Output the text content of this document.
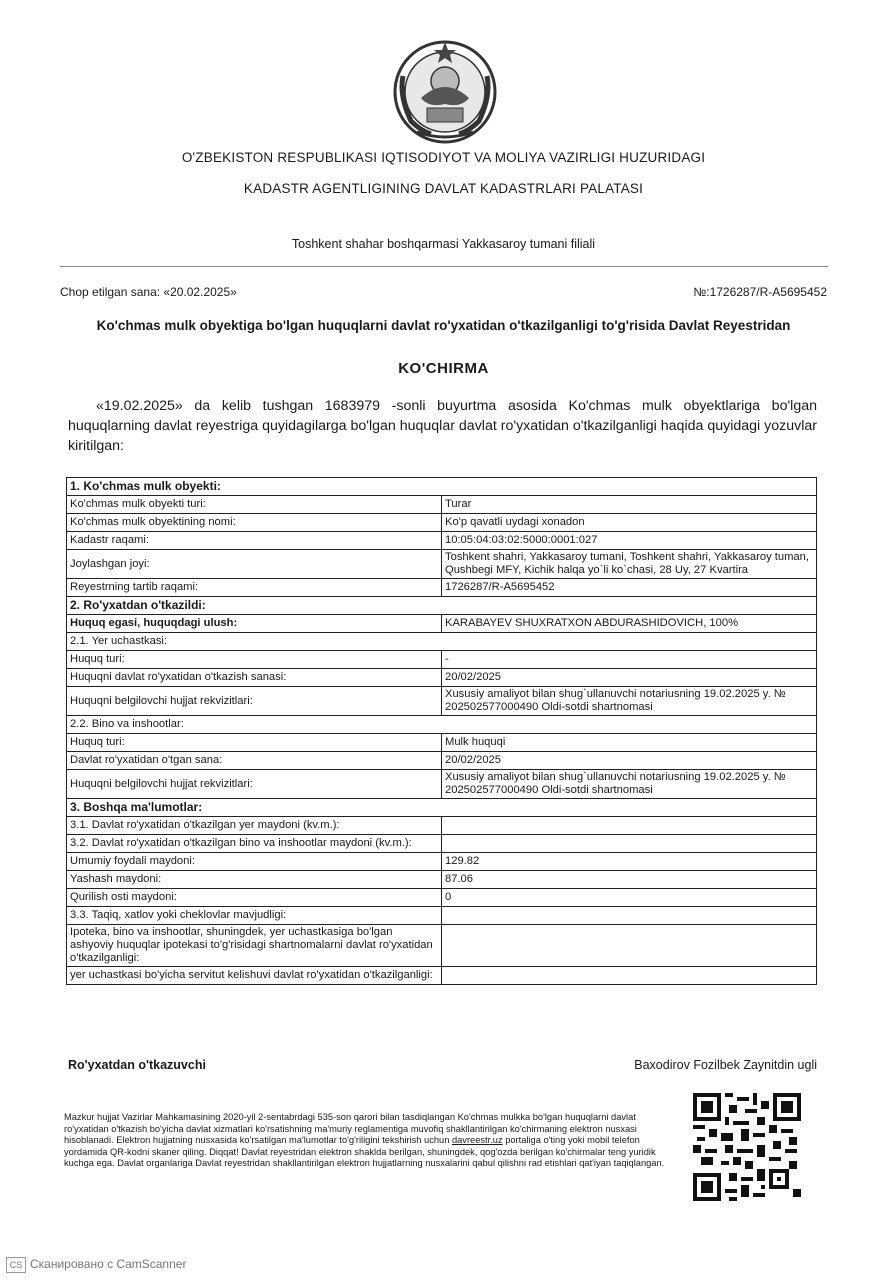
O'ZBEKISTON RESPUBLIKASI IQTISODIYOT VA MOLIYA VAZIRLIGI HUZURIDAGI
KADASTR AGENTLIGINING DAVLAT KADASTRLARI PALATASI
Toshkent shahar boshqarmasi Yakkasaroy tumani filiali
Chop etilgan sana: «20.02.2025»	№:1726287/R-A5695452
Ko'chmas mulk obyektiga bo'lgan huquqlarni davlat ro'yxatidan o'tkazilganligi to'g'risida Davlat Reyestridan
KO'CHIRMA
«19.02.2025» da kelib tushgan 1683979 -sonli buyurtma asosida Ko'chmas mulk obyektlariga bo'lgan huquqlarning davlat reyestriga quyidagilarga bo'lgan huquqlar davlat ro'yxatidan o'tkazilganligi haqida quyidagi yozuvlar kiritilgan:
1. Ko'chmas mulk obyekti:	
Ko'chmas mulk obyekti turi:	Turar
Ko'chmas mulk obyektining nomi:	Ko'p qavatli uydagi xonadon
Kadastr raqami:	10:05:04:03:02:5000:0001:027
Joylashgan joyi:	Toshkent shahri, Yakkasaroy tumani, Toshkent shahri, Yakkasaroy tuman, Qushbegi MFY, Kichik halqa yo`li ko`chasi, 28 Uy, 27 Kvartira
Reyestrning tartib raqami:	1726287/R-A5695452
2. Ro'yxatdan o'tkazildi:	
Huquq egasi, huquqdagi ulush:	KARABAYEV SHUXRATXON ABDURASHIDOVICH, 100%
2.1. Yer uchastkasi:	
Huquq turi:	-
Huquqni davlat ro'yxatidan o'tkazish sanasi:	20/02/2025
Huquqni belgilovchi hujjat rekvizitlari:	Xususiy amaliyot bilan shug`ullanuvchi notariusning 19.02.2025 y. № 202502577000490 Oldi-sotdi shartnomasi
2.2. Bino va inshootlar:	
Huquq turi:	Mulk huquqi
Davlat ro'yxatidan o'tgan sana:	20/02/2025
Huquqni belgilovchi hujjat rekvizitlari:	Xususiy amaliyot bilan shug`ullanuvchi notariusning 19.02.2025 y. № 202502577000490 Oldi-sotdi shartnomasi
3. Boshqa ma'lumotlar:	
3.1. Davlat ro'yxatidan o'tkazilgan yer maydoni (kv.m.):	
3.2. Davlat ro'yxatidan o'tkazilgan bino va inshootlar maydoni (kv.m.):	
Umumiy foydali maydoni:	129.82
Yashash maydoni:	87.06
Qurilish osti maydoni:	0
3.3. Taqiq, xatlov yoki cheklovlar mavjudligi:	
Ipoteka, bino va inshootlar, shuningdek, yer uchastkasiga bo'lgan ashyoviy huquqlar ipotekasi to'g'risidagi shartnomalarni davlat ro'yxatidan o'tkazilganligi:	
yer uchastkasi bo'yicha servitut kelishuvi davlat ro'yxatidan o'tkazilganligi:	
Ro'yxatdan o'tkazuvchi	Baxodirov Fozilbek Zaynitdin ugli
Mazkur hujjat Vazirlar Mahkamasining 2020-yil 2-sentabrdagi 535-son qarori bilan tasdiqlangan Ko'chmas mulkka bo'lgan huquqlarni davlat ro'yxatidan o'tkazish bo'yicha davlat xizmatlari ko'rsatishning ma'muriy reglamentiga muvofiq shakllantirilgan ko'chirmaning elektron nusxasi hisoblanadi. Elektron hujjatning nusxasida ko'rsatilgan ma'lumotlar to'g'riligini tekshirish uchun davreestr.uz portaliga o'ting yoki mobil telefon yordamida QR-kodni skaner qiling. Diqqat! Davlat reyestridan elektron shaklda berilgan, shuningdek, qog'ozda berilgan ko'chirmalar teng yuridik kuchga ega. Davlat organlariga Davlat reyestridan shakllantirilgan elektron hujjatlarning nusxalarini qabul qilishni rad etishlari qat'iyan taqiqlangan.
CS Сканировано с CamScanner
